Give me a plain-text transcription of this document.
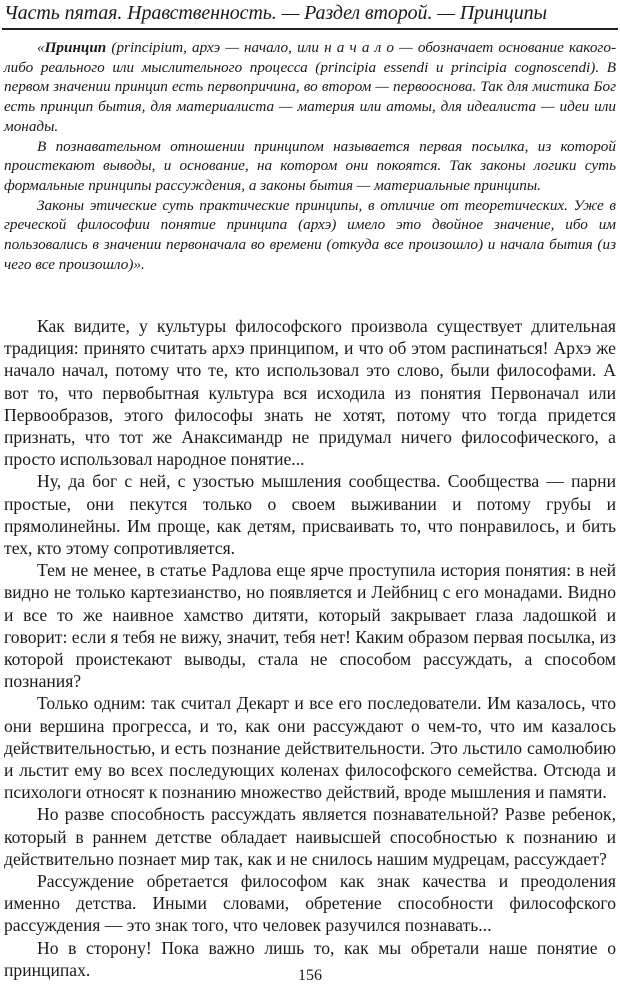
Часть пятая. Нравственность. — Раздел второй. — Принципы

«Принцип (principium, архэ — начало, или н а ч а л о — обозначает основание какого-либо реального или мыслительного процесса (principia essendi и principia cognoscendi). В первом значении принцип есть первопричина, во втором — первооснова. Так для мистика Бог есть принцип бытия, для материалиста — материя или атомы, для идеалиста — идеи или монады.

В познавательном отношении принципом называется первая посылка, из которой проистекают выводы, и основание, на котором они покоятся. Так законы логики суть формальные принципы рассуждения, а законы бытия — материальные принципы.

Законы этические суть практические принципы, в отличие от теоретических. Уже в греческой философии понятие принципа (архэ) имело это двойное значение, ибо им пользовались в значении первоначала во времени (откуда все произошло) и начала бытия (из чего все произошло)».

Как видите, у культуры философского произвола существует длительная традиция: принято считать архэ принципом, и что об этом распинаться! Архэ же начало начал, потому что те, кто использовал это слово, были философами. А вот то, что первобытная культура вся исходила из понятия Первоначал или Первообразов, этого философы знать не хотят, потому что тогда придется признать, что тот же Анаксимандр не придумал ничего философического, а просто использовал народное понятие...

Ну, да бог с ней, с узостью мышления сообщества. Сообщества — парни простые, они пекутся только о своем выживании и потому грубы и прямолинейны. Им проще, как детям, присваивать то, что понравилось, и бить тех, кто этому сопротивляется.

Тем не менее, в статье Радлова еще ярче проступила история понятия: в ней видно не только картезианство, но появляется и Лейбниц с его монадами. Видно и все то же наивное хамство дитяти, который закрывает глаза ладошкой и говорит: если я тебя не вижу, значит, тебя нет! Каким образом первая посылка, из которой проистекают выводы, стала не способом рассуждать, а способом познания?

Только одним: так считал Декарт и все его последователи. Им казалось, что они вершина прогресса, и то, как они рассуждают о чем-то, что им казалось действительностью, и есть познание действительности. Это льстило самолюбию и льстит ему во всех последующих коленах философского семейства. Отсюда и психологи относят к познанию множество действий, вроде мышления и памяти.

Но разве способность рассуждать является познавательной? Разве ребенок, который в раннем детстве обладает наивысшей способностью к познанию и действительно познает мир так, как и не снилось нашим мудрецам, рассуждает?

Рассуждение обретается философом как знак качества и преодоления именно детства. Иными словами, обретение способности философского рассуждения — это знак того, что человек разучился познавать...

Но в сторону! Пока важно лишь то, как мы обретали наше понятие о принципах.	156
